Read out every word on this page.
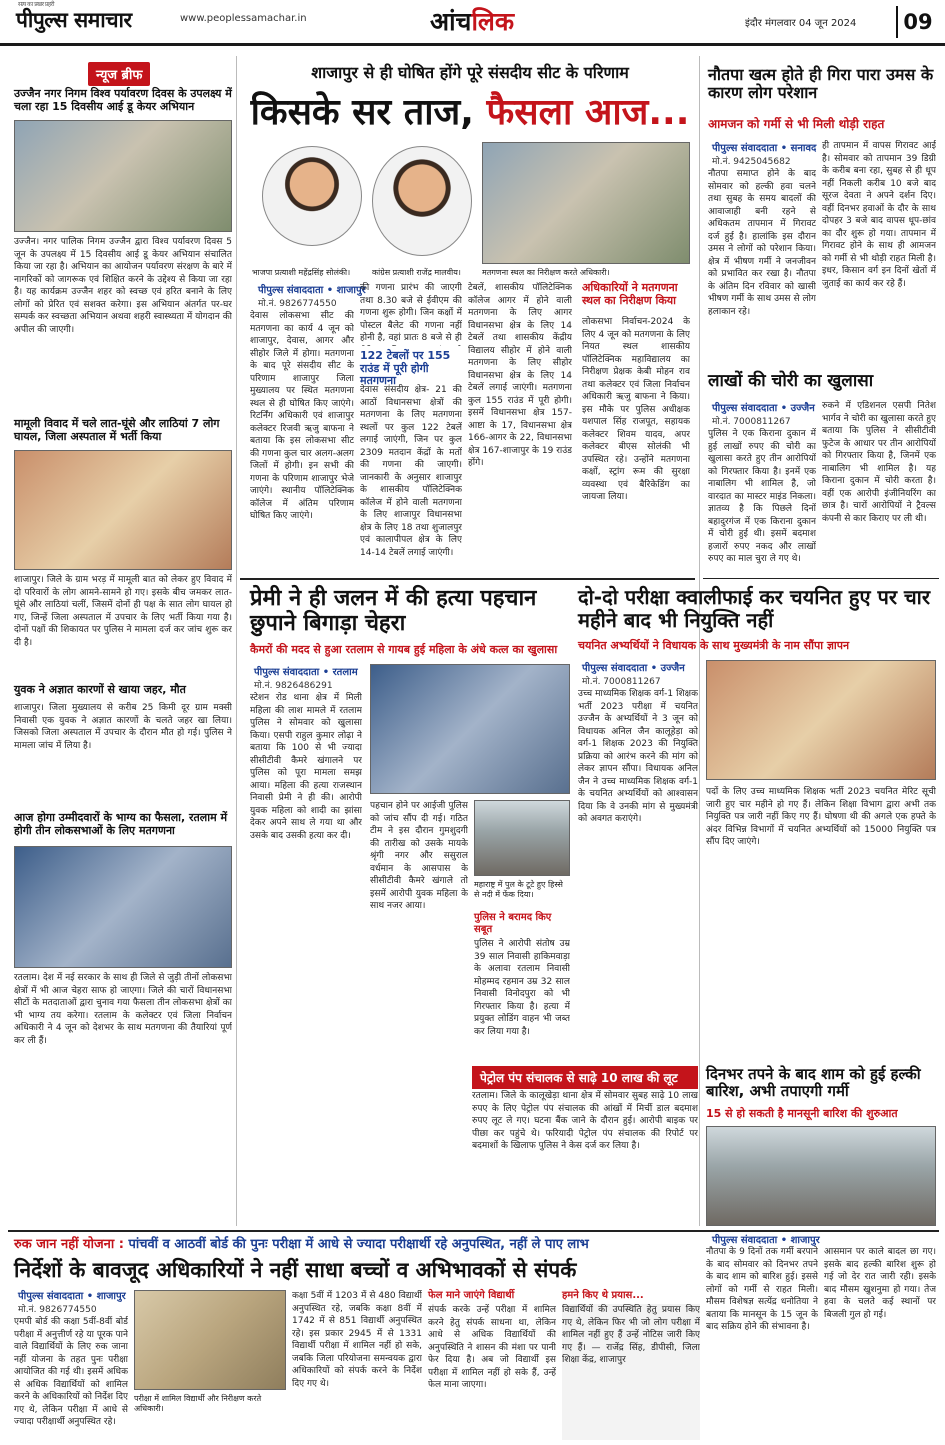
सत्य का प्रखर प्रहरी
पीपुल्स समाचार	www.peoplessamachar.in	आंचलिक	इंदौर मंगलवार 04 जून 2024	09
न्यूज ब्रीफ
उज्जैन नगर निगम विश्व पर्यावरण दिवस के उपलक्ष्य में चला रहा 15 दिवसीय आई डू केयर अभियान
उज्जैन। नगर पालिक निगम उज्जैन द्वारा विश्व पर्यावरण दिवस 5 जून के उपलक्ष्य में 15 दिवसीय आई डू केयर अभियान संचालित किया जा रहा है। अभियान का आयोजन पर्यावरण संरक्षण के बारे में नागरिकों को जागरूक एवं शिक्षित करने के उद्देश्य से किया जा रहा है। यह कार्यक्रम उज्जैन शहर को स्वच्छ एवं हरित बनाने के लिए लोगों को प्रेरित एवं सशक्त करेगा। इस अभियान अंतर्गत पर-घर सम्पर्क कर स्वच्छता अभियान अथवा शहरी स्वास्थ्यता में योगदान की अपील की जाएगी।
मामूली विवाद में चले लात-घूंसे और लाठियां 7 लोग घायल, जिला अस्पताल में भर्ती किया
शाजापुर। जिले के ग्राम भरड़ में मामूली बात को लेकर हुए विवाद में दो परिवारों के लोग आमने-सामने हो गए। इसके बीच जमकर लात-घूंसे और लाठियां चलीं, जिसमें दोनों ही पक्ष के सात लोग घायल हो गए, जिन्हें जिला अस्पताल में उपचार के लिए भर्ती किया गया है। दोनों पक्षों की शिकायत पर पुलिस ने मामला दर्ज कर जांच शुरू कर दी है।
युवक ने अज्ञात कारणों से खाया जहर, मौत
शाजापुर। जिला मुख्यालय से करीब 25 किमी दूर ग्राम मक्सी निवासी एक युवक ने अज्ञात कारणों के चलते जहर खा लिया। जिसको जिला अस्पताल में उपचार के दौरान मौत हो गई। पुलिस ने मामला जांच में लिया है।
आज होगा उम्मीदवारों के भाग्य का फैसला, रतलाम में होगी तीन लोकसभाओं के लिए मतगणना
रतलाम। देश में नई सरकार के साथ ही जिले से जुड़ी तीनों लोकसभा क्षेत्रों में भी आज चेहरा साफ हो जाएगा। जिले की चारों विधानसभा सीटों के मतदाताओं द्वारा चुनाव गया फैसला तीन लोकसभा क्षेत्रों का भी भाग्य तय करेगा। रतलाम के कलेक्टर एवं जिला निर्वाचन अधिकारी ने 4 जून को देशभर के साथ मतगणना की तैयारियां पूर्ण कर ली हैं।
शाजापुर से ही घोषित होंगे पूरे संसदीय सीट के परिणाम
किसके सर ताज, फैसला आज...
भाजपा प्रत्याशी महेंद्रसिंह सोलंकी।	कांग्रेस प्रत्याशी राजेंद्र मालवीय।	मतगणना स्थल का निरीक्षण करते अधिकारी।
पीपुल्स संवाददाता • शाजापुर
मो.नं. 9826774550
देवास लोकसभा सीट की मतगणना का कार्य 4 जून को शाजापुर, देवास, आगर और सीहोर जिले में होगा। मतगणना के बाद पूरे संसदीय सीट के परिणाम शाजापुर जिला मुख्यालय पर स्थित मतगणना स्थल से ही घोषित किए जाएंगे। रिटर्निंग अधिकारी एवं शाजापुर कलेक्टर रिजवी ऋजु बाफना ने बताया कि इस लोकसभा सीट की गणना कुल चार अलग-अलग जिलों में होगी। इन सभी की गणना के परिणाम शाजापुर भेजे जाएंगे। स्थानीय पॉलिटेक्निक कॉलेज में अंतिम परिणाम घोषित किए जाएंगे।
की गणना प्रारंभ की जाएगी तथा 8.30 बजे से ईवीएम की गणना शुरू होगी। जिन कक्षों में पोस्टल बैलेट की गणना नहीं होनी है, वहां प्रातः 8 बजे से ही
122 टेबलों पर 155 राउंड में पूरी होगी मतगणना
देवास संसदीय क्षेत्र- 21 की आठों विधानसभा क्षेत्रों की मतगणना के लिए मतगणना स्थलों पर कुल 122 टेबलें लगाई जाएंगी, जिन पर कुल 2309 मतदान केंद्रों के मतों की गणना की जाएगी। जानकारी के अनुसार शाजापुर के शासकीय पॉलिटेक्निक कॉलेज में होने वाली मतगणना के लिए शाजापुर विधानसभा क्षेत्र के लिए 18 तथा शुजालपुर एवं कालापीपल क्षेत्र के लिए 14-14 टेबलें लगाई जाएंगी।
टेबलें, शासकीय पॉलिटेक्निक कॉलेज आगर में होने वाली मतगणना के लिए आगर विधानसभा क्षेत्र के लिए 14 टेबलें तथा शासकीय केंद्रीय विद्यालय सीहोर में होने वाली मतगणना के लिए सीहोर विधानसभा क्षेत्र के लिए 14 टेबलें लगाई जाएंगी। मतगणना कुल 155 राउंड में पूरी होगी। इसमें विधानसभा क्षेत्र 157-आष्टा के 17, विधानसभा क्षेत्र 166-आगर के 22, विधानसभा क्षेत्र 167-शाजापुर के 19 राउंड होंगे।
अधिकारियों ने मतगणना स्थल का निरीक्षण किया
लोकसभा निर्वाचन-2024 के लिए 4 जून को मतगणना के लिए नियत स्थल शासकीय पॉलिटेक्निक महाविद्यालय का निरीक्षण प्रेक्षक केबी मोहन राव तथा कलेक्टर एवं जिला निर्वाचन अधिकारी ऋजु बाफना ने किया। इस मौके पर पुलिस अधीक्षक यशपाल सिंह राजपूत, सहायक कलेक्टर शिवम यादव, अपर कलेक्टर बीएस सोलंकी भी उपस्थित रहे। उन्होंने मतगणना कक्षों, स्ट्रांग रूम की सुरक्षा व्यवस्था एवं बैरिकेडिंग का जायजा लिया।
नौतपा खत्म होते ही गिरा पारा उमस के कारण लोग परेशान
आमजन को गर्मी से भी मिली थोड़ी राहत
पीपुल्स संवाददाता • सनावद
मो.नं. 9425045682
नौतपा समाप्त होने के बाद सोमवार को हल्की हवा चलने तथा सुबह के समय बादलों की आवाजाही बनी रहने से अधिकतम तापमान में गिरावट दर्ज हुई है। हालांकि इस दौरान उमस ने लोगों को परेशान किया। क्षेत्र में भीषण गर्मी ने जनजीवन को प्रभावित कर रखा है। नौतपा के अंतिम दिन रविवार को खासी भीषण गर्मी के साथ उमस से लोग हलाकान रहे।
ही तापमान में वापस गिरावट आई है। सोमवार को तापमान 39 डिग्री के करीब बना रहा, सुबह से ही धूप नहीं निकली करीब 10 बजे बाद सूरज देवता ने अपने दर्शन दिए। वहीं दिनभर हवाओं के दौर के साथ दोपहर 3 बजे बाद वापस धूप-छांव का दौर शुरू हो गया। तापमान में गिरावट होने के साथ ही आमजन को गर्मी से भी थोड़ी राहत मिली है। इधर, किसान वर्ग इन दिनों खेतों में जुताई का कार्य कर रहे हैं।
लाखों की चोरी का खुलासा
पीपुल्स संवाददाता • उज्जैन
मो.नं. 7000811267
पुलिस ने एक किराना दुकान में हुई लाखों रुपए की चोरी का खुलासा करते हुए तीन आरोपियों को गिरफ्तार किया है। इनमें एक नाबालिग भी शामिल है, जो वारदात का मास्टर माइंड निकला। ज्ञातव्य है कि पिछले दिनों बहादुरगंज में एक किराना दुकान में चोरी हुई थी। इसमें बदमाश हजारों रुपए नकद और लाखों रुपए का माल चुरा ले गए थे।
रुकने में एडिशनल एसपी नितेश भार्गव ने चोरी का खुलासा करते हुए बताया कि पुलिस ने सीसीटीवी फुटेज के आधार पर तीन आरोपियों को गिरफ्तार किया है, जिनमें एक नाबालिग भी शामिल है। यह किराना दुकान में चोरी करता है। वहीं एक आरोपी इंजीनियरिंग का छात्र है। चारों आरोपियों ने ट्रैवल्स कंपनी से कार किराए पर ली थी।
प्रेमी ने ही जलन में की हत्या पहचान छुपाने बिगाड़ा चेहरा
कैमरों की मदद से हुआ रतलाम से गायब हुई महिला के अंधे कत्ल का खुलासा
पीपुल्स संवाददाता • रतलाम
मो.नं. 9826486291
स्टेशन रोड थाना क्षेत्र में मिली महिला की लाश मामले में रतलाम पुलिस ने सोमवार को खुलासा किया। एसपी राहुल कुमार लोढ़ा ने बताया कि 100 से भी ज्यादा सीसीटीवी कैमरे खंगालने पर पुलिस को पूरा मामला समझ आया। महिला की हत्या राजस्थान निवासी प्रेमी ने ही की। आरोपी युवक महिला को शादी का झांसा देकर अपने साथ ले गया था और उसके बाद उसकी हत्या कर दी।
पहचान होने पर आईजी पुलिस को जांच सौंप दी गई। गठित टीम ने इस दौरान गुमशुदगी की तारीख को उसके मायके श्रृंगी नगर और ससुराल वर्धमान के आसपास के सीसीटीवी कैमरे खंगाले तो इसमें आरोपी युवक महिला के साथ नजर आया।
महाराष्ट्र में पुल के टूटे हुए हिस्से से नदी में फेंक दिया।
पुलिस ने बरामद किए सबूत
पुलिस ने आरोपी संतोष उम्र 39 साल निवासी हाकिमवाड़ा के अलावा रतलाम निवासी मोहम्मद रहमान उम्र 32 साल निवासी विनोदपुरा को भी गिरफ्तार किया है। हत्या में प्रयुक्त लोडिंग वाहन भी जब्त कर लिया गया है।
दो-दो परीक्षा क्वालीफाई कर चयनित हुए पर चार महीने बाद भी नियुक्ति नहीं
चयनित अभ्यर्थियों ने विधायक के साथ मुख्यमंत्री के नाम सौंपा ज्ञापन
पीपुल्स संवाददाता • उज्जैन
मो.नं. 7000811267
उच्च माध्यमिक शिक्षक वर्ग-1 शिक्षक भर्ती 2023 परीक्षा में चयनित उज्जैन के अभ्यर्थियों ने 3 जून को विधायक अनिल जैन कालूहेड़ा को वर्ग-1 शिक्षक 2023 की नियुक्ति प्रक्रिया को आरंभ करने की मांग को लेकर ज्ञापन सौंपा। विधायक अनिल जैन ने उच्च माध्यमिक शिक्षक वर्ग-1 के चयनित अभ्यर्थियों को आश्वासन दिया कि वे उनकी मांग से मुख्यमंत्री को अवगत कराएंगे।
पदों के लिए उच्च माध्यमिक शिक्षक भर्ती 2023 चयनित मेरिट सूची जारी हुए चार महीने हो गए हैं। लेकिन शिक्षा विभाग द्वारा अभी तक नियुक्ति पत्र जारी नहीं किए गए हैं। घोषणा थी की अगले एक हफ्ते के अंदर विभिन्न विभागों में चयनित अभ्यर्थियों को 15000 नियुक्ति पत्र सौंप दिए जाएंगे।
पेट्रोल पंप संचालक से साढ़े 10 लाख की लूट
रतलाम। जिले के कालूखेड़ा थाना क्षेत्र में सोमवार सुबह साढ़े 10 लाख रुपए के लिए पेट्रोल पंप संचालक की आंखों में मिर्ची डाल बदमाश रुपए लूट ले गए। घटना बैंक जाने के दौरान हुई। आरोपी बाइक पर पीछा कर पहुंचे थे। फरियादी पेट्रोल पंप संचालक की रिपोर्ट पर बदमाशों के खिलाफ पुलिस ने केस दर्ज कर लिया है।
दिनभर तपने के बाद शाम को हुई हल्की बारिश, अभी तपाएगी गर्मी
15 से हो सकती है मानसूनी बारिश की शुरुआत
रुक जान नहीं योजना : पांचवीं व आठवीं बोर्ड की पुनः परीक्षा में आधे से ज्यादा परीक्षार्थी रहे अनुपस्थित, नहीं ले पाए लाभ
निर्देशों के बावजूद अधिकारियों ने नहीं साधा बच्चों व अभिभावकों से संपर्क
पीपुल्स संवाददाता • शाजापुर
मो.नं. 9826774550
एमपी बोर्ड की कक्षा 5वीं-8वीं बोर्ड परीक्षा में अनुत्तीर्ण रहे या पूरक पाने वाले विद्यार्थियों के लिए रुक जाना नहीं योजना के तहत पुनः परीक्षा आयोजित की गई थी। इसमें अधिक से अधिक विद्यार्थियों को शामिल करने के अधिकारियों को निर्देश दिए गए थे, लेकिन परीक्षा में आधे से ज्यादा परीक्षार्थी अनुपस्थित रहे।
परीक्षा में शामिल विद्यार्थी और निरीक्षण करते अधिकारी।
कक्षा 5वीं में 1203 में से 480 विद्यार्थी अनुपस्थित रहे, जबकि कक्षा 8वीं में 1742 में से 851 विद्यार्थी अनुपस्थित रहे। इस प्रकार 2945 में से 1331 विद्यार्थी परीक्षा में शामिल नहीं हो सके, जबकि जिला परियोजना समन्वयक द्वारा अधिकारियों को संपर्क करने के निर्देश दिए गए थे।
फेल माने जाएंगे विद्यार्थी
संपर्क करके उन्हें परीक्षा में शामिल करने हेतु संपर्क साधना था, लेकिन आधे से अधिक विद्यार्थियों की अनुपस्थिति ने शासन की मंशा पर पानी फेर दिया है। अब जो विद्यार्थी इस परीक्षा में शामिल नहीं हो सके हैं, उन्हें फेल माना जाएगा।
हमने किए थे प्रयास...
विद्यार्थियों की उपस्थिति हेतु प्रयास किए गए थे, लेकिन फिर भी जो लोग परीक्षा में शामिल नहीं हुए हैं उन्हें नोटिस जारी किए गए हैं। — राजेंद्र सिंह, डीपीसी, जिला शिक्षा केंद्र, शाजापुर
पीपुल्स संवाददाता • शाजापुर
नौतपा के 9 दिनों तक गर्मी बरपाने के बाद सोमवार को दिनभर तपने के बाद शाम को बारिश हुई। इससे लोगों को गर्मी से राहत मिली। मौसम विशेषज्ञ सत्येंद्र धनोतिया ने बताया कि मानसून के 15 जून के बाद सक्रिय होने की संभावना है।
आसमान पर काले बादल छा गए। इसके बाद हल्की बारिश शुरू हो गई जो देर रात जारी रही। इसके बाद मौसम खुशनुमा हो गया। तेज हवा के चलते कई स्थानों पर बिजली गुल हो गई।
